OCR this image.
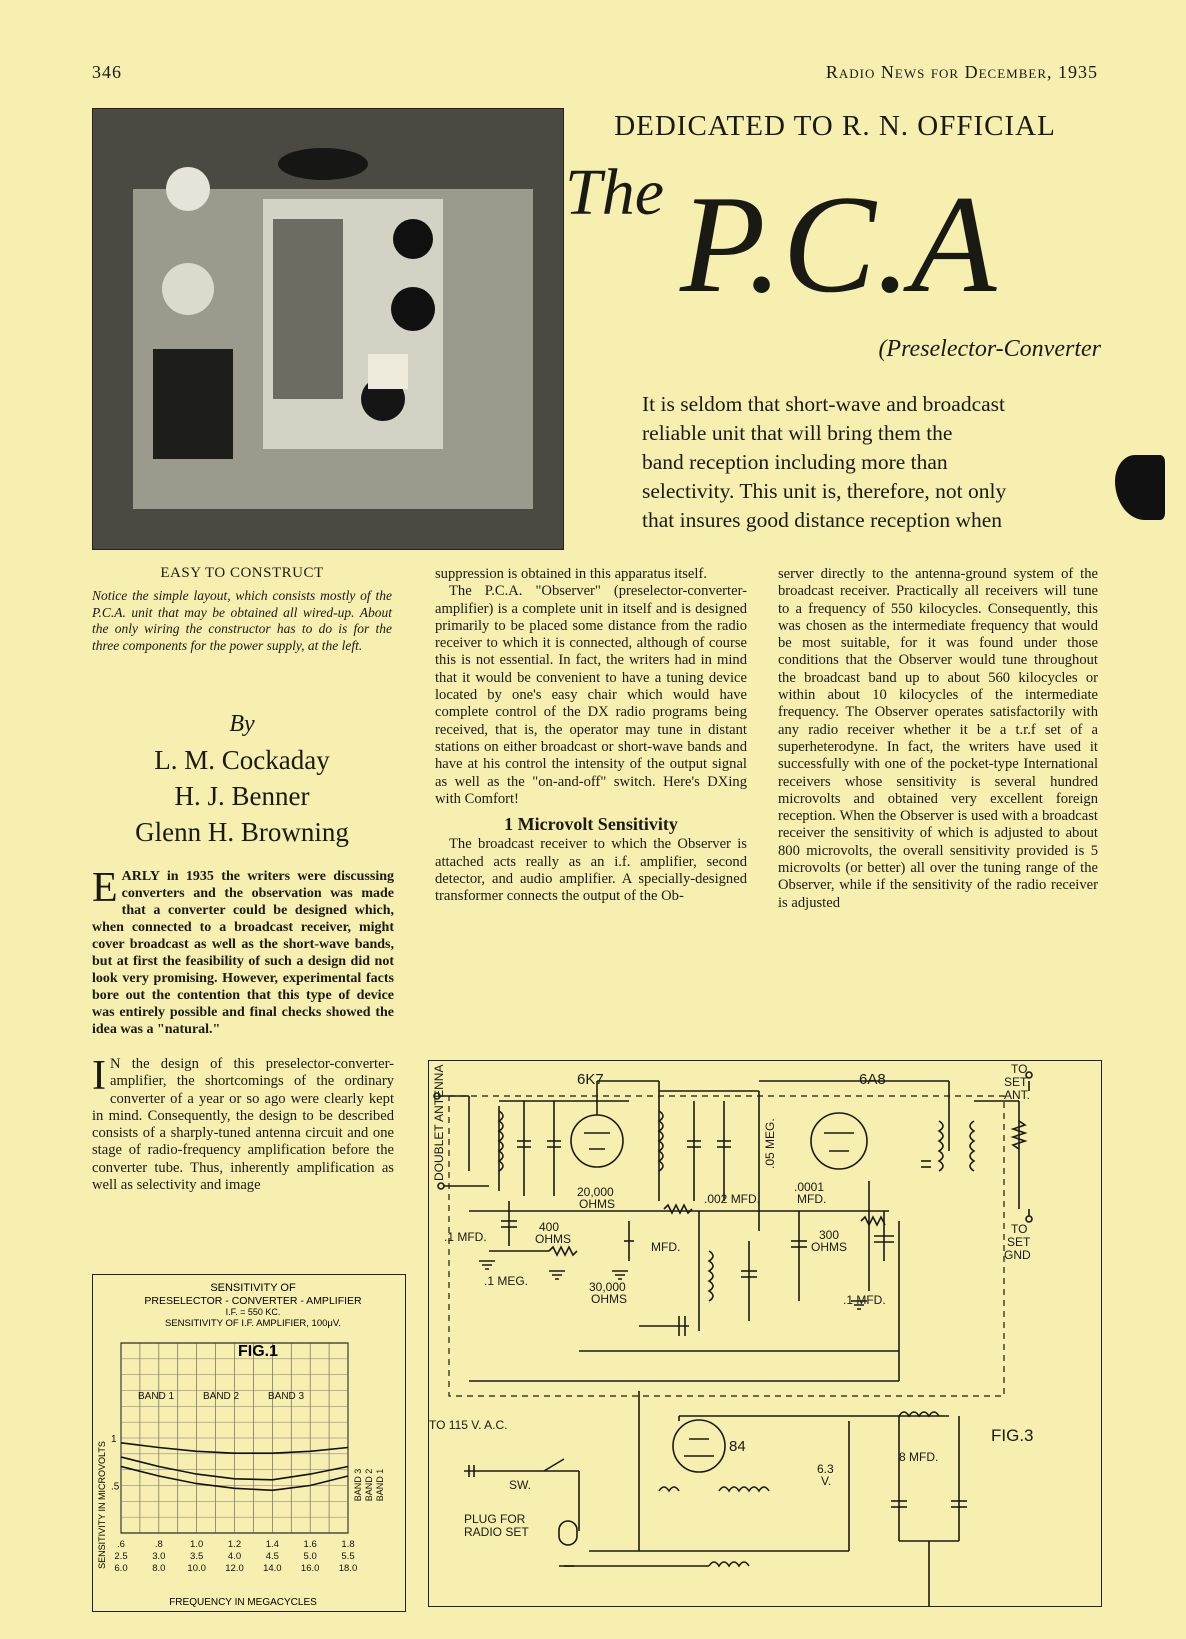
346	Radio News for December, 1935
DEDICATED TO R. N. OFFICIAL
The P.C.A
(Preselector-Converter

It is seldom that short-wave and broadcast

reliable unit that will bring them the

band reception including more than

selectivity. This unit is, therefore, not only

that insures good distance reception when

EASY TO CONSTRUCT
Notice the simple layout, which consists mostly of the P.C.A. unit that may be obtained all wired-up. About the only wiring the constructor has to do is for the three components for the power supply, at the left.
By
L. M. Cockaday
H. J. Benner
Glenn H. Browning
EARLY in 1935 the writers were discussing converters and the observation was made that a converter could be designed which, when connected to a broadcast receiver, might cover broadcast as well as the short-wave bands, but at first the feasibility of such a design did not look very promising. However, experimental facts bore out the contention that this type of device was entirely possible and final checks showed the idea was a "natural."
I N the design of this preselector-converter-amplifier, the shortcomings of the ordinary converter of a year or so ago were clearly kept in mind. Consequently, the design to be described consists of a sharply-tuned antenna circuit and one stage of radio-frequency amplification before the converter tube. Thus, inherently amplification as well as selectivity and image

suppression is obtained in this apparatus itself.

The P.C.A. "Observer" (preselector-converter-amplifier) is a complete unit in itself and is designed primarily to be placed some distance from the radio receiver to which it is connected, although of course this is not essential. In fact, the writers had in mind that it would be convenient to have a tuning device located by one's easy chair which would have complete control of the DX radio programs being received, that is, the operator may tune in distant stations on either broadcast or short-wave bands and have at his control the intensity of the output signal as well as the "on-and-off" switch. Here's DXing with Comfort!

1 Microvolt Sensitivity

The broadcast receiver to which the Observer is attached acts really as an i.f. amplifier, second detector, and audio amplifier. A specially-designed transformer connects the output of the Ob-

server directly to the antenna-ground system of the broadcast receiver. Practically all receivers will tune to a frequency of 550 kilocycles. Consequently, this was chosen as the intermediate frequency that would be most suitable, for it was found under those conditions that the Observer would tune throughout the broadcast band up to about 560 kilocycles or within about 10 kilocycles of the intermediate frequency. The Observer operates satisfactorily with any radio receiver whether it be a t.r.f set of a superheterodyne. In fact, the writers have used it successfully with one of the pocket-type International receivers whose sensitivity is several hundred microvolts and obtained very excellent foreign reception. When the Observer is used with a broadcast receiver the sensitivity of which is adjusted to about 800 microvolts, the overall sensitivity provided is 5 microvolts (or better) all over the tuning range of the Observer, while if the sensitivity of the radio receiver is adjusted

SENSITIVITY OF
PRESELECTOR - CONVERTER - AMPLIFIER
I.F. = 550 KC.
SENSITIVITY OF I.F. AMPLIFIER, 100μV.
SENSITIVITY IN MICROVOLTS
FIG.1
BAND 1	BAND 2	BAND 3
1
.5
.6	.8	1.0	1.2	1.4	1.6	1.8
2.5	3.0	3.5	4.0	4.5	5.0	5.5
6.0	8.0 10.0 12.0 14.0 16.0 18.0
BAND 3 BAND 2 BAND 1
FREQUENCY IN MEGACYCLES
6K7	6A8
84
DOUBLET ANTENNA	TO
SET
ANT.
TO
SET
GND
TO 115 V. A.C.
SW.
PLUG FOR
RADIO SET
20,000
OHMS	.002 MFD.
.0001
MFD.
.05 MEG.
400
OHMS
.1 MFD.
MFD.
300
OHMS
.1 MEG.	30,000
OHMS	.1 MFD.
6.3
V.
8 MFD.
FIG.3
